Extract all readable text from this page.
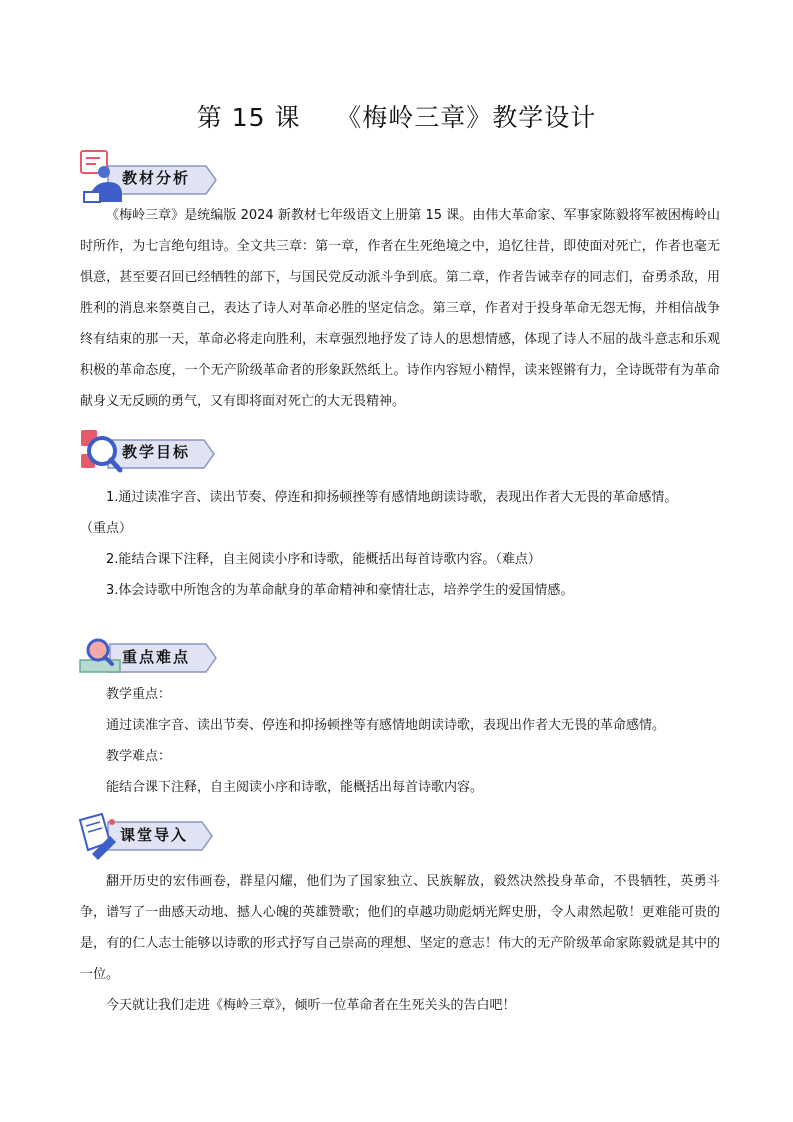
第 15 课    《梅岭三章》教学设计
教材分析

《梅岭三章》是统编版 2024 新教材七年级语文上册第 15 课。由伟大革命家、军事家陈毅将军被困梅岭山时所作，为七言绝句组诗。全文共三章：第一章，作者在生死绝境之中，追忆往昔，即使面对死亡，作者也毫无惧意，甚至要召回已经牺牲的部下，与国民党反动派斗争到底。第二章，作者告诫幸存的同志们，奋勇杀敌，用胜利的消息来祭奠自己，表达了诗人对革命必胜的坚定信念。第三章，作者对于投身革命无怨无悔，并相信战争终有结束的那一天，革命必将走向胜利，末章强烈地抒发了诗人的思想情感，体现了诗人不屈的战斗意志和乐观积极的革命态度，一个无产阶级革命者的形象跃然纸上。诗作内容短小精悍，读来铿锵有力，全诗既带有为革命献身义无反顾的勇气，又有即将面对死亡的大无畏精神。

教学目标

1.通过读准字音、读出节奏、停连和抑扬顿挫等有感情地朗读诗歌，表现出作者大无畏的革命感情。

（重点）

2.能结合课下注释，自主阅读小序和诗歌，能概括出每首诗歌内容。（难点）

3.体会诗歌中所饱含的为革命献身的革命精神和豪情壮志，培养学生的爱国情感。

重点难点

教学重点：

通过读准字音、读出节奏、停连和抑扬顿挫等有感情地朗读诗歌，表现出作者大无畏的革命感情。

教学难点：

能结合课下注释，自主阅读小序和诗歌，能概括出每首诗歌内容。

课堂导入

翻开历史的宏伟画卷，群星闪耀，他们为了国家独立、民族解放，毅然决然投身革命，不畏牺牲，英勇斗争，谱写了一曲感天动地、撼人心魄的英雄赞歌；他们的卓越功勋彪炳光辉史册，令人肃然起敬！更难能可贵的是，有的仁人志士能够以诗歌的形式抒写自己崇高的理想、坚定的意志！伟大的无产阶级革命家陈毅就是其中的一位。

今天就让我们走进《梅岭三章》，倾听一位革命者在生死关头的告白吧！
